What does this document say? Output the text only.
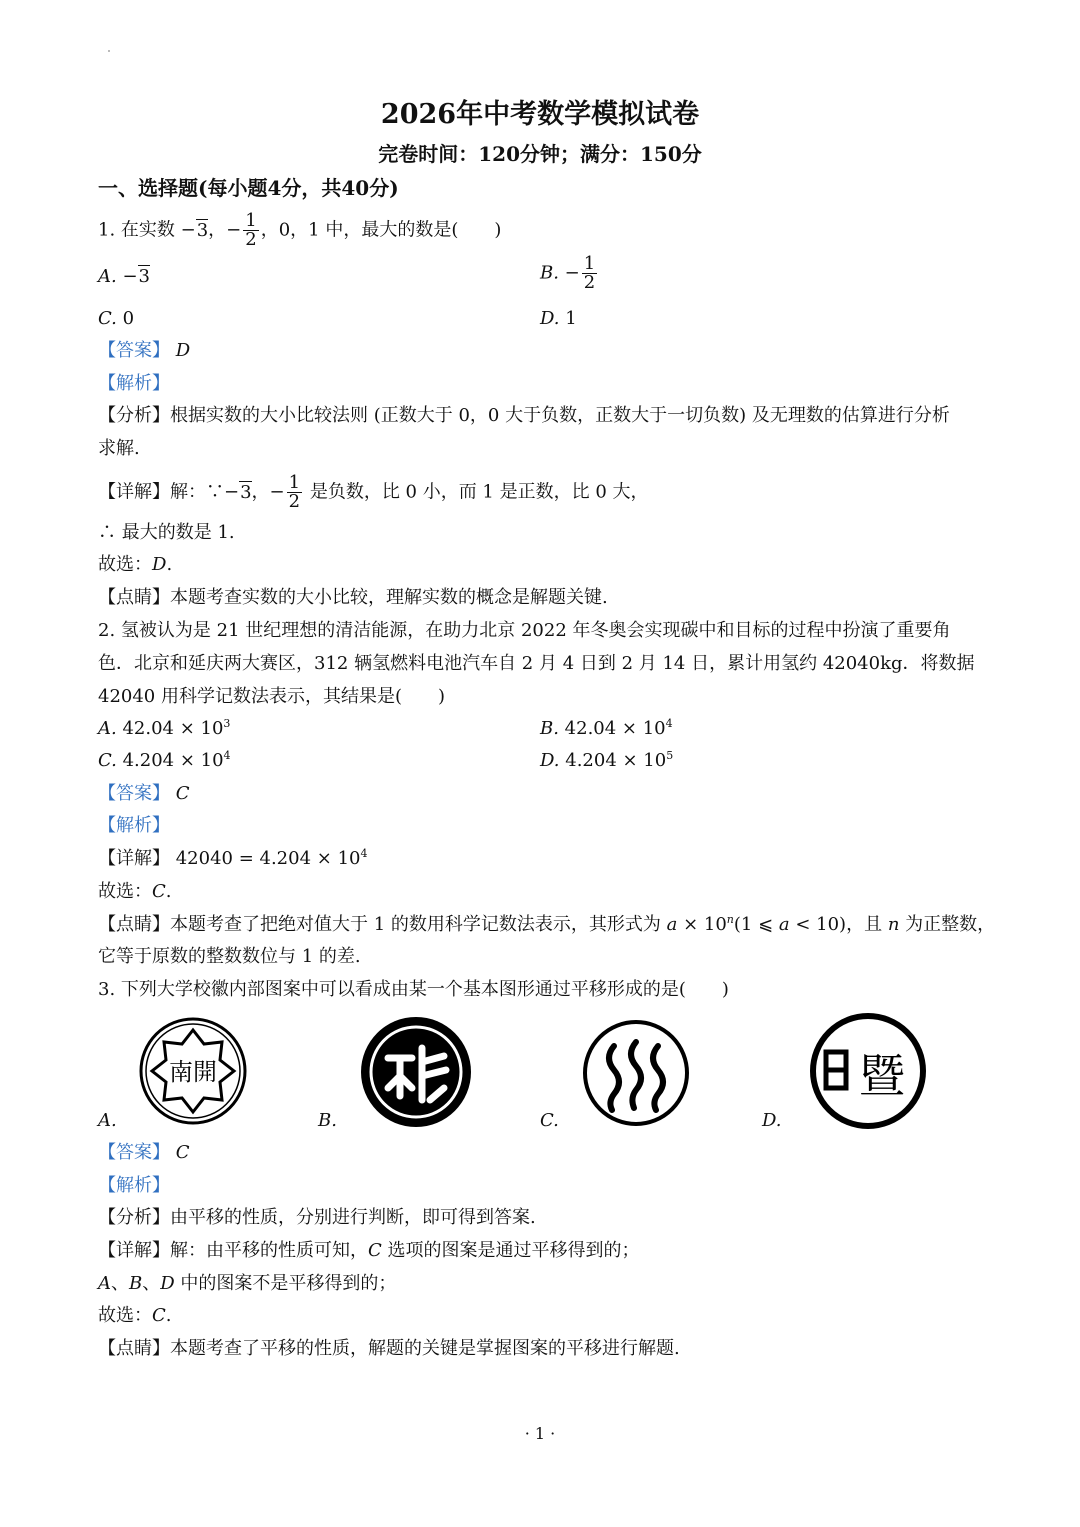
2026年中考数学模拟试卷
完卷时间：120分钟；满分：150分
一、选择题(每小题4分，共40分)
1. 在实数 −3，− $\frac{1}{2}$ ，0，1 中，最大的数是(　　)
A. −3	B. − $\frac{1}{2}$
C. 0	D. 1
【答案】 D
【解析】
【分析】根据实数的大小比较法则 (正数大于 0，0 大于负数，正数大于一切负数) 及无理数的估算进行分析
求解.
【详解】解：∵−3，− $\frac{1}{2}$ 是负数，比 0 小，而 1 是正数，比 0 大，
∴ 最大的数是 1.
故选：D.
【点睛】本题考查实数的大小比较，理解实数的概念是解题关键.
2. 氢被认为是 21 世纪理想的清洁能源，在助力北京 2022 年冬奥会实现碳中和目标的过程中扮演了重要角
色．北京和延庆两大赛区，312 辆氢燃料电池汽车自 2 月 4 日到 2 月 14 日，累计用氢约 42040kg．将数据
42040 用科学记数法表示，其结果是(　　)
A. $42.04 \times 10^3$	B. $42.04 \times 10^4$
C. $4.204 \times 10^4$	D. $4.204 \times 10^5$
【答案】 C
【解析】
【详解】 $42040 = 4.204 \times 10^4$
故选：C.
【点睛】本题考查了把绝对值大于 1 的数用科学记数法表示，其形式为 $a \times 10^n(1$ ⩽ a < 10)，且 n 为正整数，
它等于原数的整数数位与 1 的差.
3. 下列大学校徽内部图案中可以看成由某一个基本图形通过平移形成的是(　　)
南開
A.	北大
B.	C.
暨
D.
【答案】 C
【解析】
【分析】由平移的性质，分别进行判断，即可得到答案.
【详解】解：由平移的性质可知，C 选项的图案是通过平移得到的；
A、B、D 中的图案不是平移得到的；
故选：C.
【点睛】本题考查了平移的性质，解题的关键是掌握图案的平移进行解题.
· 1 ·
